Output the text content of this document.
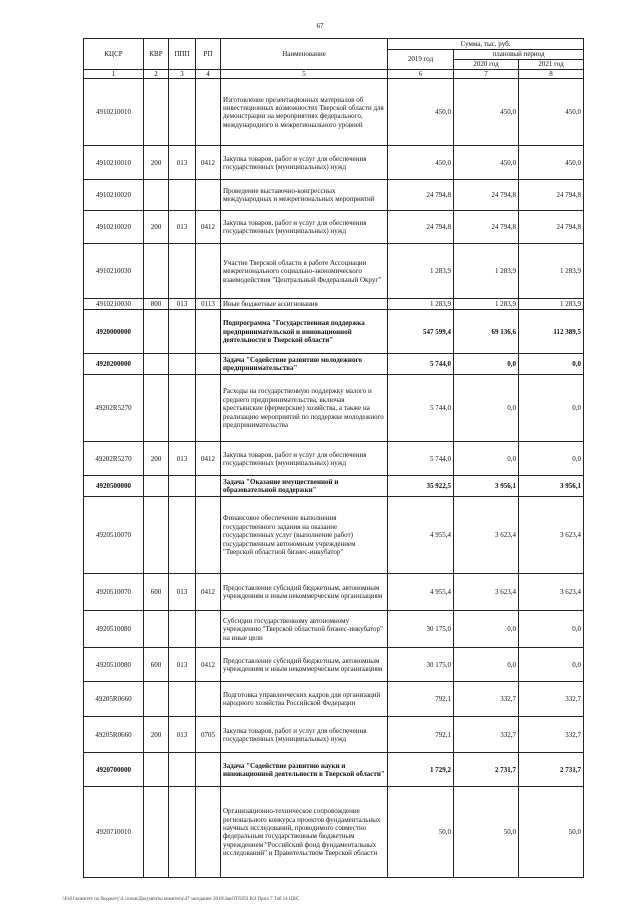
67
КЦСР	КВР	ППП	РП	Наименование	Сумма, тыс. руб.		
					2019 год	плановый период	
						2020 год	2021 год
1	2	3	4	5	6	7	8
4910210010				Изготовление презентационных материалов об инвестиционных возможностях Тверской области для демонстрации на мероприятиях федерального, международного и межрегионального уровней	450,0	450,0	450,0
4910210010	200	013	0412	Закупка товаров, работ и услуг для обеспечения государственных (муниципальных) нужд	450,0	450,0	450,0
4910210020				Проведение выставочно-конгрессных международных и межрегиональных мероприятий	24 794,8	24 794,8	24 794,8
4910210020	200	013	0412	Закупка товаров, работ и услуг для обеспечения государственных (муниципальных) нужд	24 794,8	24 794,8	24 794,8
4910210030				Участие Тверской области в работе Ассоциации межрегионального социально-экономического взаимодействия "Центральный Федеральный Округ"	1 283,9	1 283,9	1 283,9
4910210030	800	013	0113	Иные бюджетные ассигнования	1 283,9	1 283,9	1 283,9
4920000000				Подпрограмма "Государственная поддержка предпринимательской и инновационной деятельности в Тверской области"	547 599,4	69 136,6	112 389,5
4920200000				Задача "Содействие развитию молодежного предпринимательства"	5 744,0	0,0	0,0
49202R5270				Расходы на государственную поддержку малого и среднего предпринимательства, включая крестьянские (фермерские) хозяйства, а также на реализацию мероприятий по поддержке молодежного предпринимательства	5 744,0	0,0	0,0
49202R5270	200	013	0412	Закупка товаров, работ и услуг для обеспечения государственных (муниципальных) нужд	5 744,0	0,0	0,0
4920500000				Задача "Оказание имущественной и образовательной поддержки"	35 922,5	3 956,1	3 956,1
4920510070				Финансовое обеспечение выполнения государственного задания на оказание государственных услуг (выполнение работ) государственным автономным учреждением "Тверской областной бизнес-инкубатор"	4 955,4	3 623,4	3 623,4
4920510070	600	013	0412	Предоставление субсидий бюджетным, автономным учреждениям и иным некоммерческим организациям	4 955,4	3 623,4	3 623,4
4920510080				Субсидии государственному автономному учреждению "Тверской областной бизнес-инкубатор" на иные цели	30 175,0	0,0	0,0
4920510080	600	013	0412	Предоставление субсидий бюджетным, автономным учреждениям и иным некоммерческим организациям	30 175,0	0,0	0,0
49205R0660				Подготовка управленческих кадров для организаций народного хозяйства Российской Федерации	792,1	332,7	332,7
49205R0660	200	013	0705	Закупка товаров, работ и услуг для обеспечения государственных (муниципальных) нужд	792,1	332,7	332,7
4920700000				Задача "Содействие развитию науки и инновационной деятельности в Тверской области"	1 729,2	2 731,7	2 731,7
4920710010				Организационно-техническое сопровождение регионального конкурса проектов фундаментальных научных исследований, проводимого совместно федеральным государственным бюджетным учреждением "Российский фонд фундаментальных исследований" и Правительством Тверской области	50,0	50,0	50,0
\\Fs01\комитет по бюджету\4 созыв\Документы комитета\47 заседание 2018\ЗакОТб\ПЗ ВЭ Прил 7 Таб 14 ЦВС
